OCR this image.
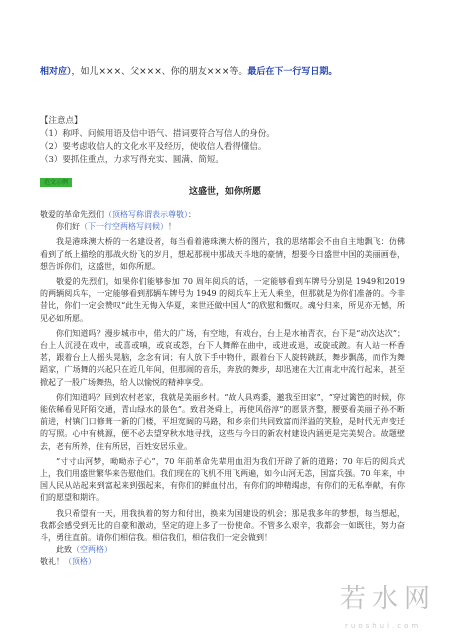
相对应），如儿×××、父×××、你的朋友×××等。最后在下一行写日期。
【注意点】
（1）称呼、问候用语及信中语气、措词要符合写信人的身份。
（2）要考虑收信人的文化水平及经历，使收信人看得懂信。
（3）要抓住重点，力求写得充实、圆满、简短。
范文示例
这盛世，如你所愿

敬爱的革命先烈们（顶格写称谓表示尊敬）：

你们好（下一行空两格写问候）！

我是港珠澳大桥的一名建设者，每当看着港珠澳大桥的图片，我的思绪都会不由自主地飘飞：仿佛看到了纸上描绘的那战火纷飞的岁月，想起那视中那战天斗地的豪情，想要今日盛世中国的美丽画卷，想告诉你们，这盛世，如你所愿。

敬爱的先烈们，如果你们能够参加 70 周年阅兵的话，一定能够看到车牌号分别是 1949和2019 的两辆阅兵车，一定能够看到那辆车牌号为 1949 的阅兵车上无人乘坐，但那就是为你们准备的。今非昔比，你们一定会赞叹“此生无悔入华夏，来世还做中国人”的欣慰和慨叹。魂兮归来，所见亦无憾，所见必如所愿。

你们知道吗？漫步城市中，偌大的广场，有空地，有戏台，台上是水袖青衣，台下是“动次达次”；台上人沉浸在戏中，或喜或嗔，或哀或怨，台下人舞醉在曲中，或进或退，或旋或踱。有人站一杯香茗，跟着台上人摇头晃脑，念念有词；有人放下手中物什，跟着台下人旋转跳跃，舞步飘荡，而作为舞蹈家，广场舞的兴起只在近几年间，但那闹的音乐，奔放的舞步，却迅速在大江南北中流行起来，甚至掀起了一股广场舞热，给人以愉悦的精神享受。

你们知道吗？回到农村老家，我就是美丽乡村。“故人具鸡黍，邀我至田家”，“穿过篱笆的时候，你能依稀看见阡陌交通，青山绿水的景色”。致君尧舜上，再使风俗淳”的愿景齐整，腰要看美丽子孙不断前进，村镇门口修葺一新的门楼，平坦宽阔的马路，和乡亲们共同致富而洋溢的笑脸，是时代无声变迁的写照。心中有桃源，便不必去望穿秋水地寻找，这些与今日的新农村建设内涵更是完美契合。故题壁去，老有所养，住有所居，百姓安居乐业。

“寸寸山河梦，呦呦赤子心”，70 年前革命先辈用血泪为我们开辟了新的道路；70 年后的阅兵式上，我们用盛世繁华来告慰他们。我们现在的飞机不用飞两遍，如今山河无恙，国富兵强。70 年来，中国人民从站起来到富起来到强起来，有你们的鲜血付出，有你们的坤精竭虑，有你们的无私奉献，有你们的愿望和期许。

我只希望有一天，用我执着的努力和付出，换来为国建设的机会；那是我多年的梦想，每当想起，我都会感受到无比的自豪和激动，坚定的迎上多了一份使命。不管多么艰辛，我都会一如既往，努力奋斗，勇往直前。请你们相信我。相信我们，相信我们一定会做到！

此致（空两格）

敬礼！（顶格）

若水网
ruoshui.com
